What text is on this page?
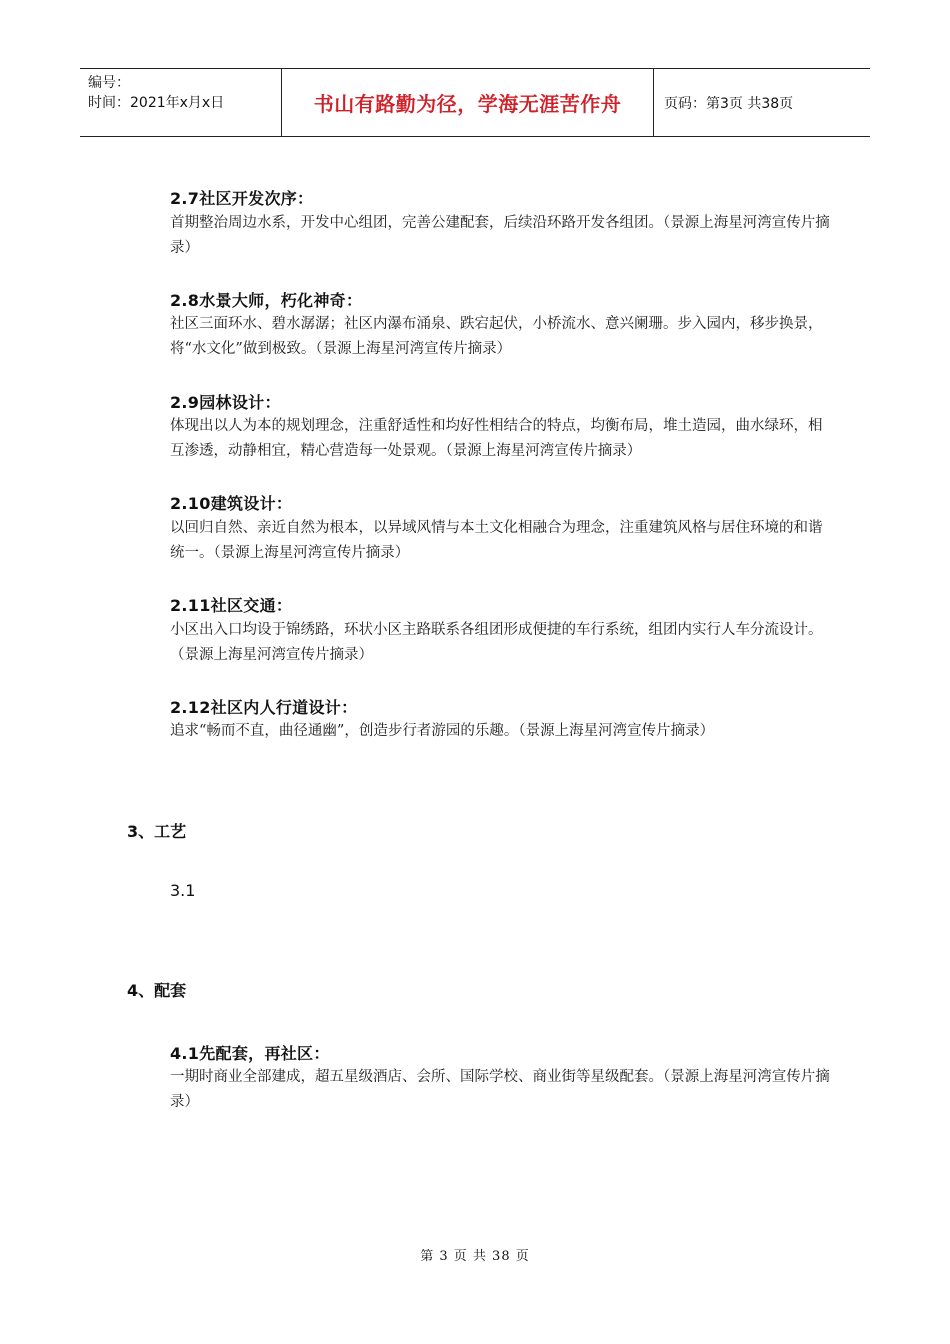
编号：
时间：2021年x月x日	书山有路勤为径，学海无涯苦作舟	页码：第3页 共38页
2.7社区开发次序：
首期整治周边水系，开发中心组团，完善公建配套，后续沿环路开发各组团。（景源上海星河湾宣传片摘录）
2.8水景大师，朽化神奇：
社区三面环水、碧水潺潺；社区内瀑布涌泉、跌宕起伏，小桥流水、意兴阑珊。步入园内，移步换景，将“水文化”做到极致。（景源上海星河湾宣传片摘录）
2.9园林设计：
体现出以人为本的规划理念，注重舒适性和均好性相结合的特点，均衡布局，堆土造园，曲水绿环，相互渗透，动静相宜，精心营造每一处景观。（景源上海星河湾宣传片摘录）
2.10建筑设计：
以回归自然、亲近自然为根本，以异域风情与本土文化相融合为理念，注重建筑风格与居住环境的和谐统一。（景源上海星河湾宣传片摘录）
2.11社区交通：
小区出入口均设于锦绣路，环状小区主路联系各组团形成便捷的车行系统，组团内实行人车分流设计。（景源上海星河湾宣传片摘录）
2.12社区内人行道设计：
追求“畅而不直，曲径通幽”，创造步行者游园的乐趣。（景源上海星河湾宣传片摘录）
3、工艺
3.1
4、配套
4.1先配套，再社区：
一期时商业全部建成，超五星级酒店、会所、国际学校、商业街等星级配套。（景源上海星河湾宣传片摘录）
第 3 页 共 38 页
